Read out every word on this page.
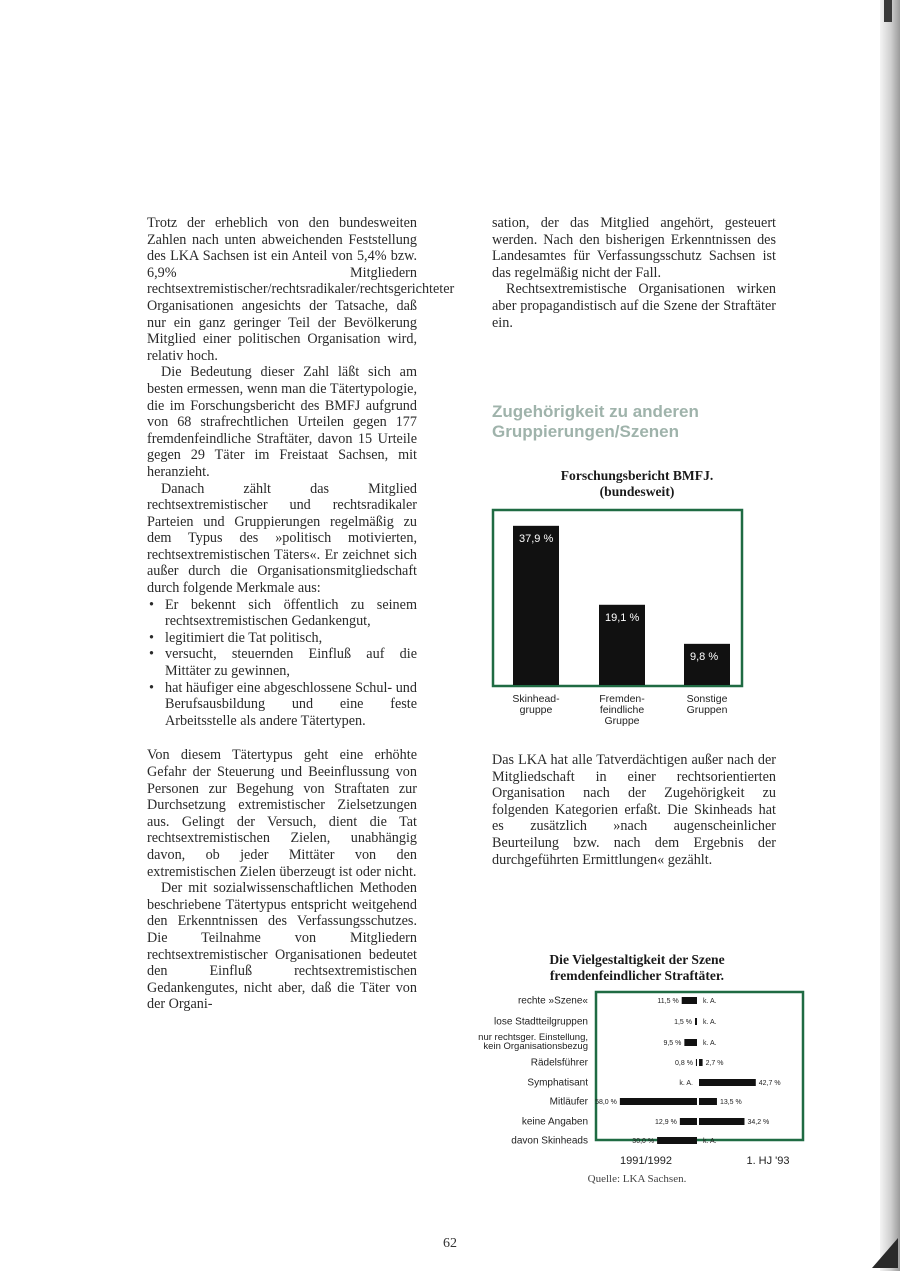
Trotz der erheblich von den bundesweiten Zahlen nach unten abweichenden Feststellung des LKA Sachsen ist ein Anteil von 5,4% bzw. 6,9% Mitgliedern rechtsextremistischer/rechtsradikaler/rechtsgerichteter Organisationen angesichts der Tatsache, daß nur ein ganz geringer Teil der Bevölkerung Mitglied einer politischen Organisation wird, relativ hoch.

Die Bedeutung dieser Zahl läßt sich am besten ermessen, wenn man die Tätertypologie, die im Forschungsbericht des BMFJ aufgrund von 68 strafrechtlichen Urteilen gegen 177 fremdenfeindliche Straftäter, davon 15 Urteile gegen 29 Täter im Freistaat Sachsen, mit heranzieht.

Danach zählt das Mitglied rechtsextremistischer und rechtsradikaler Parteien und Gruppierungen regelmäßig zu dem Typus des »politisch motivierten, rechtsextremistischen Täters«. Er zeichnet sich außer durch die Organisationsmitgliedschaft durch folgende Merkmale aus:

• Er bekennt sich öffentlich zu seinem rechtsextremistischen Gedankengut,
• legitimiert die Tat politisch,
• versucht, steuernden Einfluß auf die Mittäter zu gewinnen,
• hat häufiger eine abgeschlossene Schul- und Berufsausbildung und eine feste Arbeitsstelle als andere Tätertypen.

Von diesem Tätertypus geht eine erhöhte Gefahr der Steuerung und Beeinflussung von Personen zur Begehung von Straftaten zur Durchsetzung extremistischer Zielsetzungen aus. Gelingt der Versuch, dient die Tat rechtsextremistischen Zielen, unabhängig davon, ob jeder Mittäter von den extremistischen Zielen überzeugt ist oder nicht.

Der mit sozialwissenschaftlichen Methoden beschriebene Tätertypus entspricht weitgehend den Erkenntnissen des Verfassungsschutzes. Die Teilnahme von Mitgliedern rechtsextremistischer Organisationen bedeutet den Einfluß rechtsextremistischen Gedankengutes, nicht aber, daß die Täter von der Organi-

sation, der das Mitglied angehört, gesteuert werden. Nach den bisherigen Erkenntnissen des Landesamtes für Verfassungsschutz Sachsen ist das regelmäßig nicht der Fall.

Rechtsextremistische Organisationen wirken aber propagandistisch auf die Szene der Straftäter ein.

Zugehörigkeit zu anderen
Gruppierungen/Szenen
Forschungsbericht BMFJ.
(bundesweit)
37,9 %
Skinhead-
gruppe
19,1 %
Fremden-
feindliche
Gruppe
9,8 %
Sonstige
Gruppen

Das LKA hat alle Tatverdächtigen außer nach der Mitgliedschaft in einer rechtsorientierten Organisation nach der Zugehörigkeit zu folgenden Kategorien erfaßt. Die Skinheads hat es zusätzlich »nach augenscheinlicher Beurteilung bzw. nach dem Ergebnis der durchgeführten Ermittlungen« gezählt.

Die Vielgestaltigkeit der Szene
fremdenfeindlicher Straftäter.
rechte »Szene«	11,5 %	k. A.
lose Stadtteilgruppen	1,5 % k. A.
nur rechtsger. Einstellung,
kein Organisationsbezug	9,5 %	k. A.
Rädelsführer	0,8 % 2,7 %
Symphatisant	k. A.	42,7 %
Mitläufer 58,0 %	13,5 %
keine Angaben	12,9 %	34,2 %
davon Skinheads	30,0 %	k. A.
1991/1992	1. HJ '93
Quelle: LKA Sachsen.
62
